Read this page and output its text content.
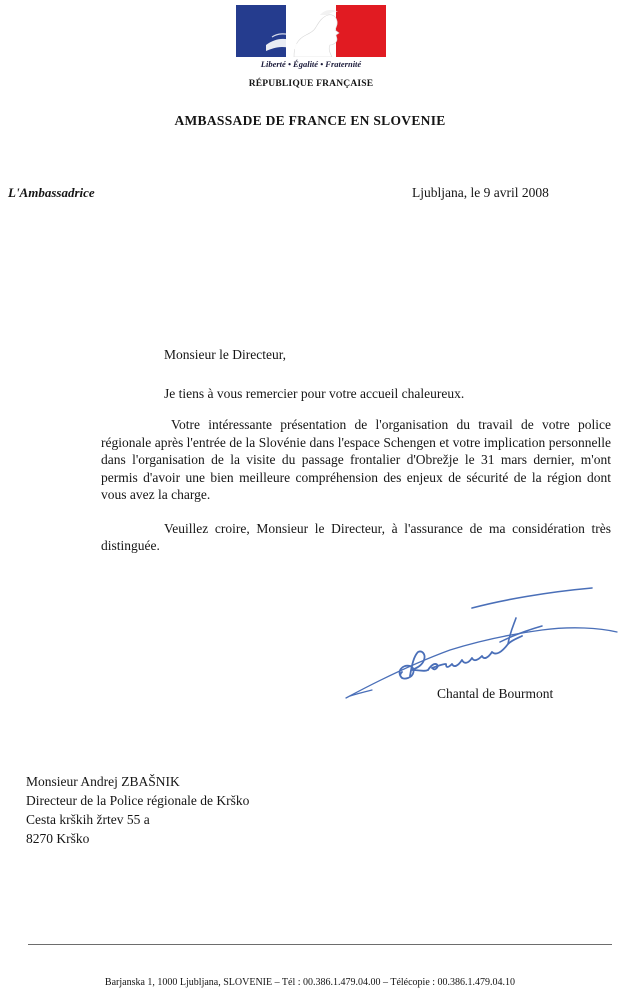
Liberté • Égalité • Fraternité
RÉPUBLIQUE FRANÇAISE
AMBASSADE DE FRANCE EN SLOVENIE
L'Ambassadrice	Ljubljana, le 9 avril 2008

Monsieur le Directeur,

Je tiens à vous remercier pour votre accueil chaleureux.

Votre intéressante présentation de l'organisation du travail de votre police régionale après l'entrée de la Slovénie dans l'espace Schengen et votre implication personnelle dans l'organisation de la visite du passage frontalier d'Obrežje le 31 mars dernier, m'ont permis d'avoir une bien meilleure compréhension des enjeux de sécurité de la région dont vous avez la charge.

Veuillez croire, Monsieur le Directeur, à l'assurance de ma considération très distinguée.

Chantal de Bourmont
Monsieur Andrej ZBAŠNIK
Directeur de la Police régionale de Krško
Cesta krških žrtev 55 a
8270 Krško
Barjanska 1, 1000 Ljubljana, SLOVENIE – Tél : 00.386.1.479.04.00 – Télécopie : 00.386.1.479.04.10
